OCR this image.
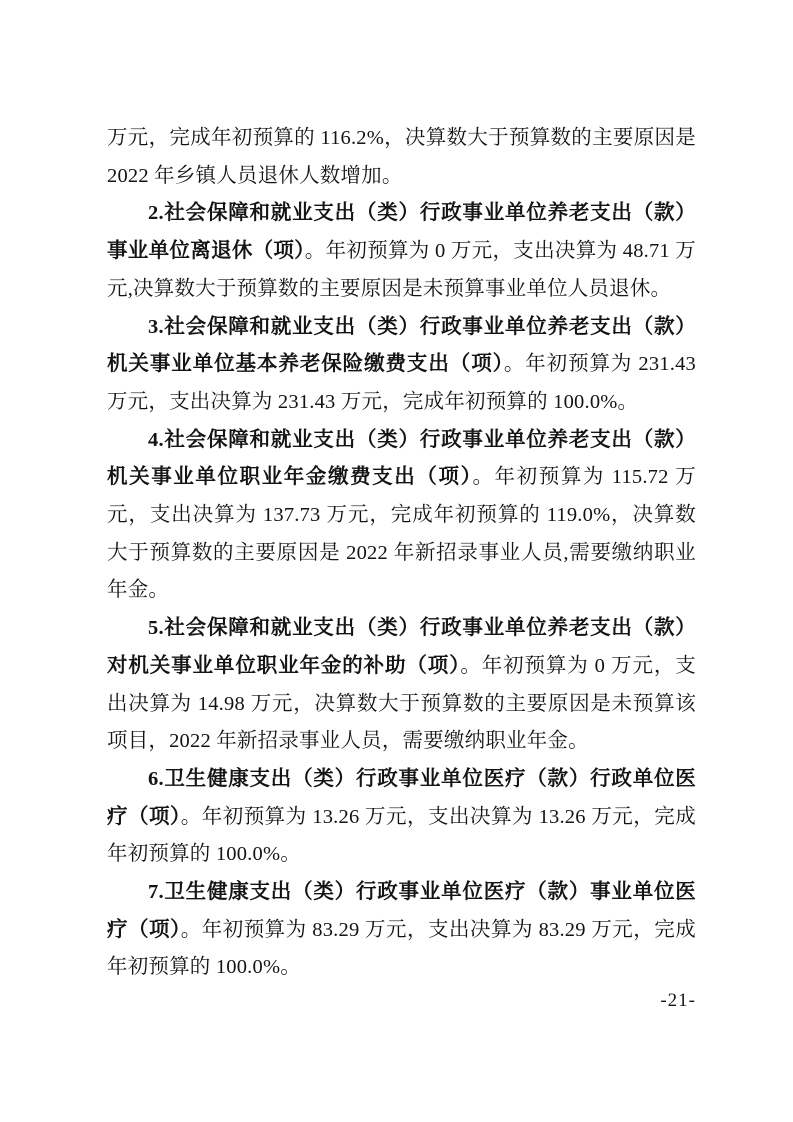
万元，完成年初预算的 116.2%，决算数大于预算数的主要原因是 2022 年乡镇人员退休人数增加。

2.社会保障和就业支出（类）行政事业单位养老支出（款）事业单位离退休（项）。年初预算为 0 万元，支出决算为 48.71 万元,决算数大于预算数的主要原因是未预算事业单位人员退休。

3.社会保障和就业支出（类）行政事业单位养老支出（款）机关事业单位基本养老保险缴费支出（项）。年初预算为 231.43 万元，支出决算为 231.43 万元，完成年初预算的 100.0%。

4.社会保障和就业支出（类）行政事业单位养老支出（款）机关事业单位职业年金缴费支出（项）。年初预算为 115.72 万元，支出决算为 137.73 万元，完成年初预算的 119.0%，决算数大于预算数的主要原因是 2022 年新招录事业人员,需要缴纳职业年金。

5.社会保障和就业支出（类）行政事业单位养老支出（款）对机关事业单位职业年金的补助（项）。年初预算为 0 万元，支出决算为 14.98 万元，决算数大于预算数的主要原因是未预算该项目，2022 年新招录事业人员，需要缴纳职业年金。

6.卫生健康支出（类）行政事业单位医疗（款）行政单位医疗（项）。年初预算为 13.26 万元，支出决算为 13.26 万元，完成年初预算的 100.0%。

7.卫生健康支出（类）行政事业单位医疗（款）事业单位医疗（项）。年初预算为 83.29 万元，支出决算为 83.29 万元，完成年初预算的 100.0%。

-21-
